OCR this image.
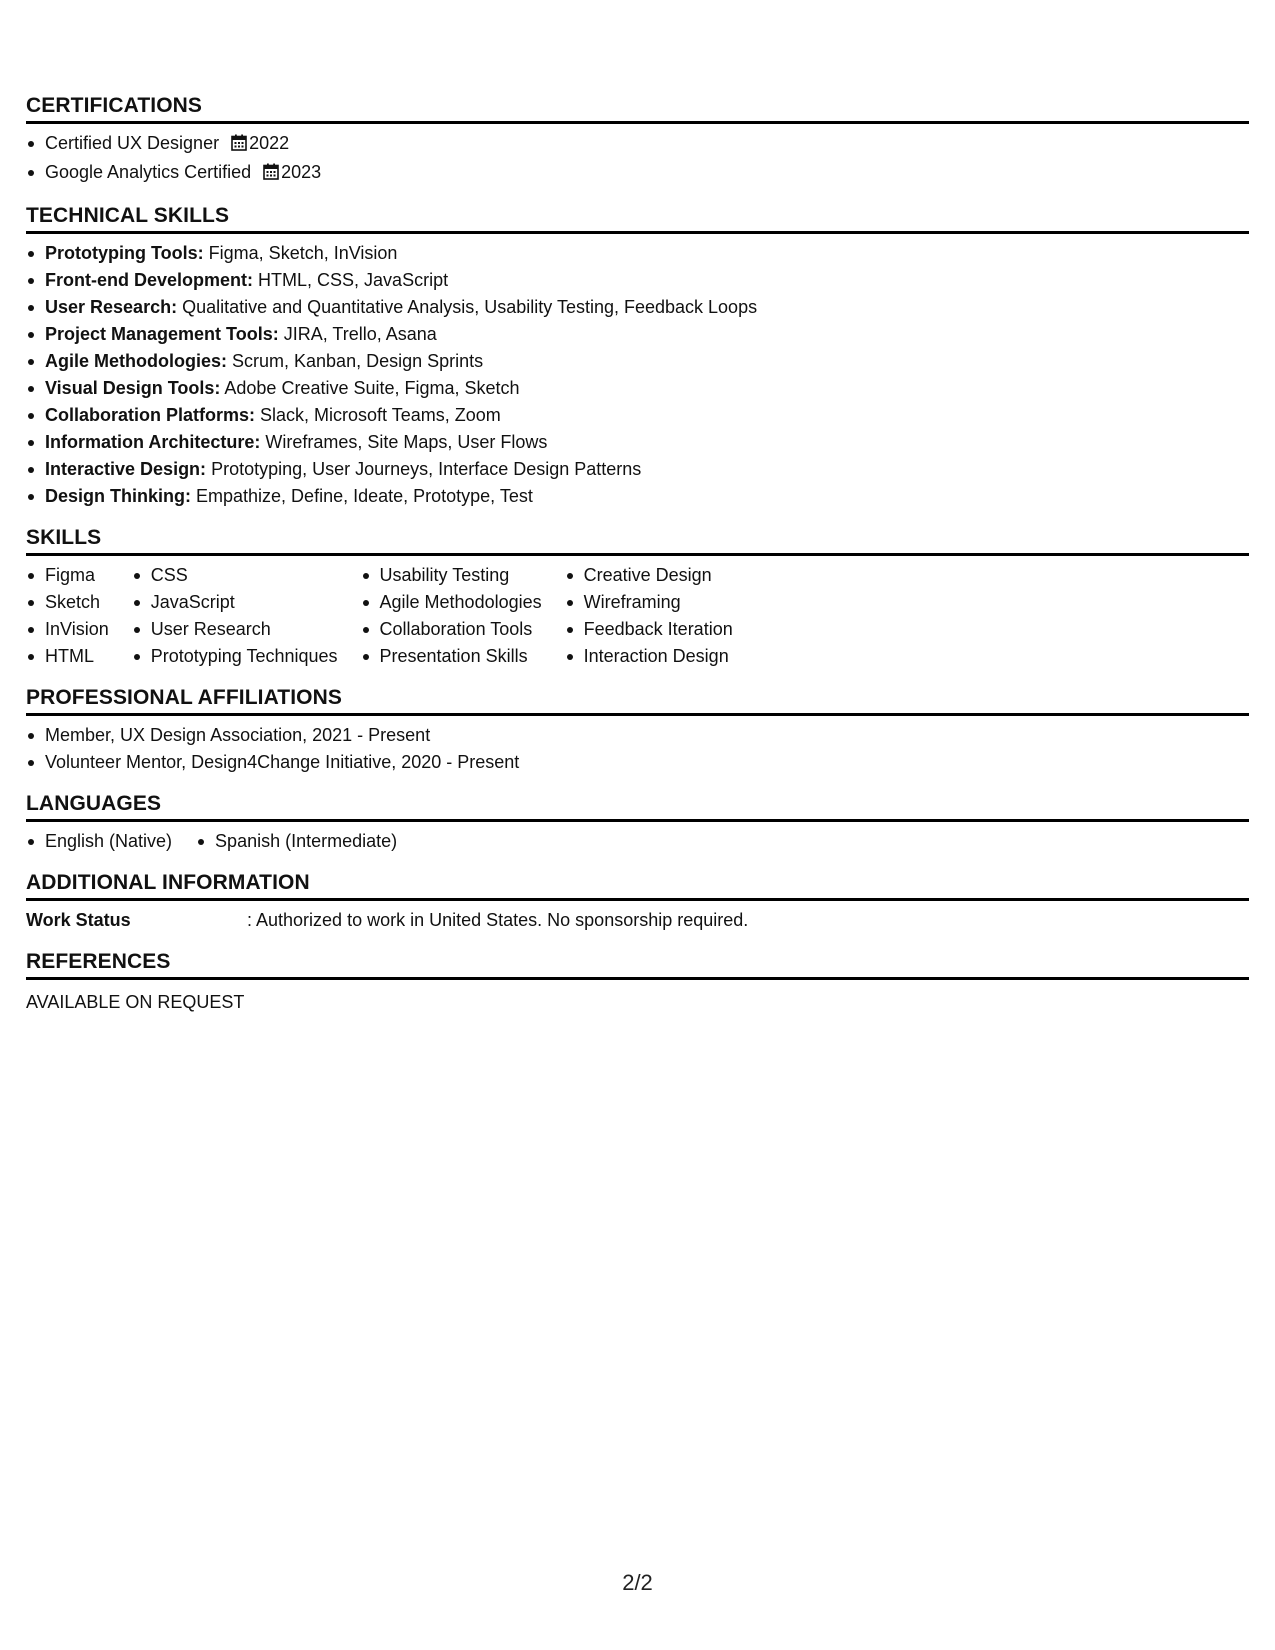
CERTIFICATIONS
Certified UX Designer 2022
Google Analytics Certified 2023
TECHNICAL SKILLS
Prototyping Tools: Figma, Sketch, InVision
Front-end Development: HTML, CSS, JavaScript
User Research: Qualitative and Quantitative Analysis, Usability Testing, Feedback Loops
Project Management Tools: JIRA, Trello, Asana
Agile Methodologies: Scrum, Kanban, Design Sprints
Visual Design Tools: Adobe Creative Suite, Figma, Sketch
Collaboration Platforms: Slack, Microsoft Teams, Zoom
Information Architecture: Wireframes, Site Maps, User Flows
Interactive Design: Prototyping, User Journeys, Interface Design Patterns
Design Thinking: Empathize, Define, Ideate, Prototype, Test
SKILLS
Figma
Sketch
InVision
HTML
CSS
JavaScript
User Research
Prototyping Techniques
Usability Testing
Agile Methodologies
Collaboration Tools
Presentation Skills
Creative Design
Wireframing
Feedback Iteration
Interaction Design
PROFESSIONAL AFFILIATIONS
Member, UX Design Association, 2021 - Present
Volunteer Mentor, Design4Change Initiative, 2020 - Present
LANGUAGES
English (Native)	Spanish (Intermediate)
ADDITIONAL INFORMATION
Work Status	: Authorized to work in United States. No sponsorship required.
REFERENCES
AVAILABLE ON REQUEST
2/2
